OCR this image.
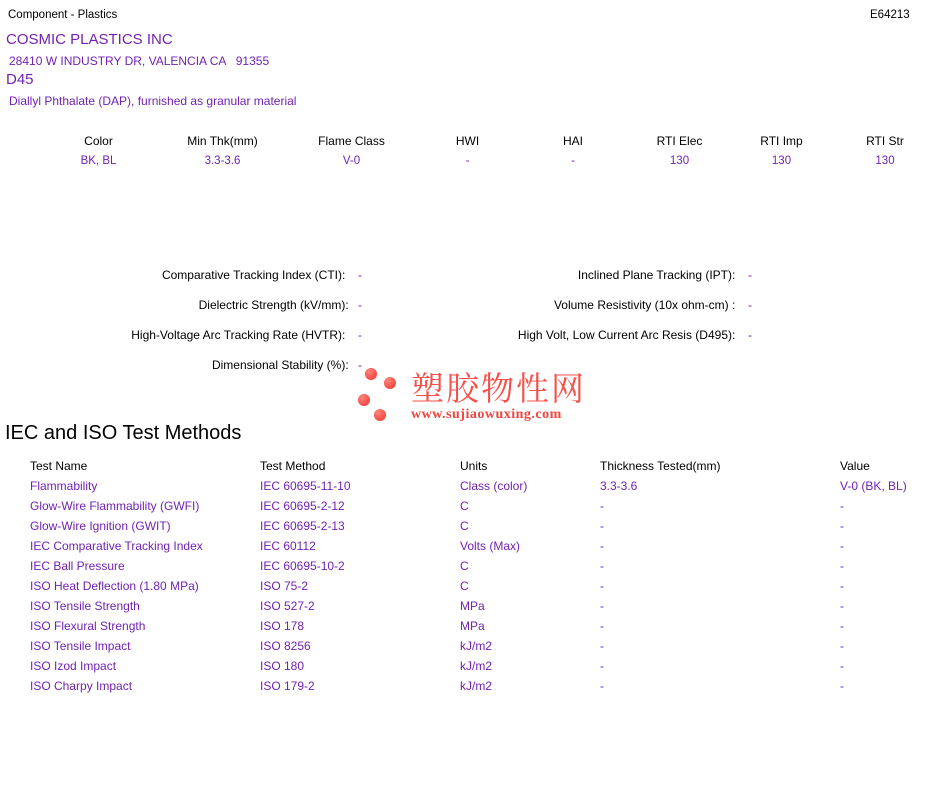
Component - Plastics	E64213
COSMIC PLASTICS INC
28410 W INDUSTRY DR, VALENCIA CA   91355
D45
Diallyl Phthalate (DAP), furnished as granular material
Color	Min Thk(mm)	Flame Class	HWI	HAI	RTI Elec	RTI Imp	RTI Str
BK, BL	3.3-3.6	V-0	-	-	130	130	130
Comparative Tracking Index (CTI): -
Dielectric Strength (kV/mm): -
High-Voltage Arc Tracking Rate (HVTR): -
Dimensional Stability (%): -
Inclined Plane Tracking (IPT): -
Volume Resistivity (10x ohm-cm) : -
High Volt, Low Current Arc Resis (D495): -
塑胶物性网
www.sujiaowuxing.com
IEC and ISO Test Methods
Test Name	Test Method	Units	Thickness Tested(mm)	Value
Flammability	IEC 60695-11-10	Class (color)	3.3-3.6	V-0 (BK, BL)
Glow-Wire Flammability (GWFI)	IEC 60695-2-12	C	-	-
Glow-Wire Ignition (GWIT)	IEC 60695-2-13	C	-	-
IEC Comparative Tracking Index	IEC 60112	Volts (Max)	-	-
IEC Ball Pressure	IEC 60695-10-2	C	-	-
ISO Heat Deflection (1.80 MPa)	ISO 75-2	C	-	-
ISO Tensile Strength	ISO 527-2	MPa	-	-
ISO Flexural Strength	ISO 178	MPa	-	-
ISO Tensile Impact	ISO 8256	kJ/m2	-	-
ISO Izod Impact	ISO 180	kJ/m2	-	-
ISO Charpy Impact	ISO 179-2	kJ/m2	-	-
